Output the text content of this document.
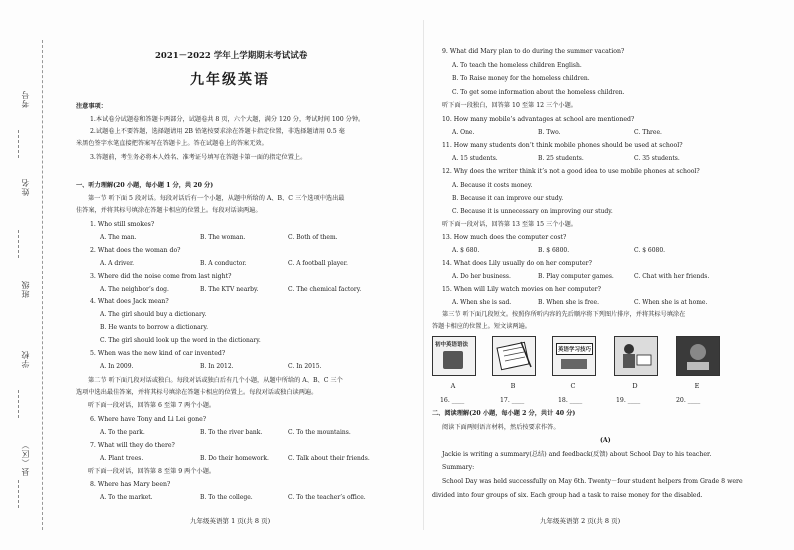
考号
姓名
班级
学校
县（区）
2021－2022 学年上学期期末考试试卷
九年级英语
注意事项：
1.本试卷分试题卷和答题卡两部分，试题卷共 8 页，六个大题，满分 120 分，考试时间 100 分钟。
2.试题卷上不要答题，选择题请用 2B 铅笔按要求涂在答题卡指定位置，非选择题请用 0.5 毫
米黑色签字水笔直接把答案写在答题卡上。答在试题卷上的答案无效。
3.答题前，考生务必将本人姓名、准考证号填写在答题卡第一面的指定位置上。
一、听力理解(20 小题，每小题 1 分，共 20 分)
第一节 听下面 5 段对话。每段对话后有一个小题，从题中所给的 A、B、C 三个选项中选出最
佳答案，并将其标号填涂在答题卡相应的位置上。每段对话读两遍。
1. Who still smokes?
A. The man.	B. The woman.	C. Both of them.
2. What does the woman do?
A. A driver.	B. A conductor.	C. A football player.
3. Where did the noise come from last night?
A. The neighbor’s dog.	B. The KTV nearby.	C. The chemical factory.
4. What does Jack mean?
A. The girl should buy a dictionary.
B. He wants to borrow a dictionary.
C. The girl should look up the word in the dictionary.
5. When was the new kind of car invented?
A. In 2009.	B. In 2012.	C. In 2015.
第二节 听下面几段对话或独白。每段对话或独白后有几个小题，从题中所给的 A、B、C 三个
选项中选出最佳答案，并将其标号填涂在答题卡相应的位置上。每段对话或独白读两遍。
听下面一段对话，回答第 6 至第 7 两个小题。
6. Where have Tony and Li Lei gone?
A. To the park.	B. To the river bank.	C. To the mountains.
7. What will they do there?
A. Plant trees.	B. Do their homework.	C. Talk about their friends.
听下面一段对话，回答第 8 至第 9 两个小题。
8. Where has Mary been?
A. To the market.	B. To the college.	C. To the teacher’s office.
九年级英语第 1 页(共 8 页)
9. What did Mary plan to do during the summer vacation?
A. To teach the homeless children English.
B. To Raise money for the homeless children.
C. To get some information about the homeless children.
听下面一段独白，回答第 10 至第 12 三个小题。
10. How many mobile’s advantages at school are mentioned?
A. One.	B. Two.	C. Three.
11. How many students don’t think mobile phones should be used at school?
A. 15 students.	B. 25 students.	C. 35 students.
12. Why does the writer think it’s not a good idea to use mobile phones at school?
A. Because it costs money.
B. Because it can improve our study.
C. Because it is unnecessary on improving our study.
听下面一段对话，回答第 13 至第 15 三个小题。
13. How much does the computer cost?
A. $ 680.	B. $ 6800.	C. $ 6080.
14. What does Lily usually do on her computer?
A. Do her business.	B. Play computer games.	C. Chat with her friends.
15. When will Lily watch movies on her computer?
A. When she is sad.	B. When she is free.	C. When she is at home.
第三节 听下面几段短文。按照你所听内容的先后顺序将下列图片排序，并将其标号填涂在
答题卡相应的位置上。短文读两遍。
初中英语语法
英语学习技巧
A	B	C	D	E
16. ____	17. ____	18. ____	19. ____	20. ____
二、阅读理解(20 小题，每小题 2 分，共计 40 分)
阅读下面两则语言材料，然后按要求作答。
(A)
Jackie is writing a summary(总结) and feedback(反馈) about School Day to his teacher.
Summary:
School Day was held successfully on May 6th. Twenty－four student helpers from Grade 8 were
divided into four groups of six. Each group had a task to raise money for the disabled.
九年级英语第 2 页(共 8 页)
